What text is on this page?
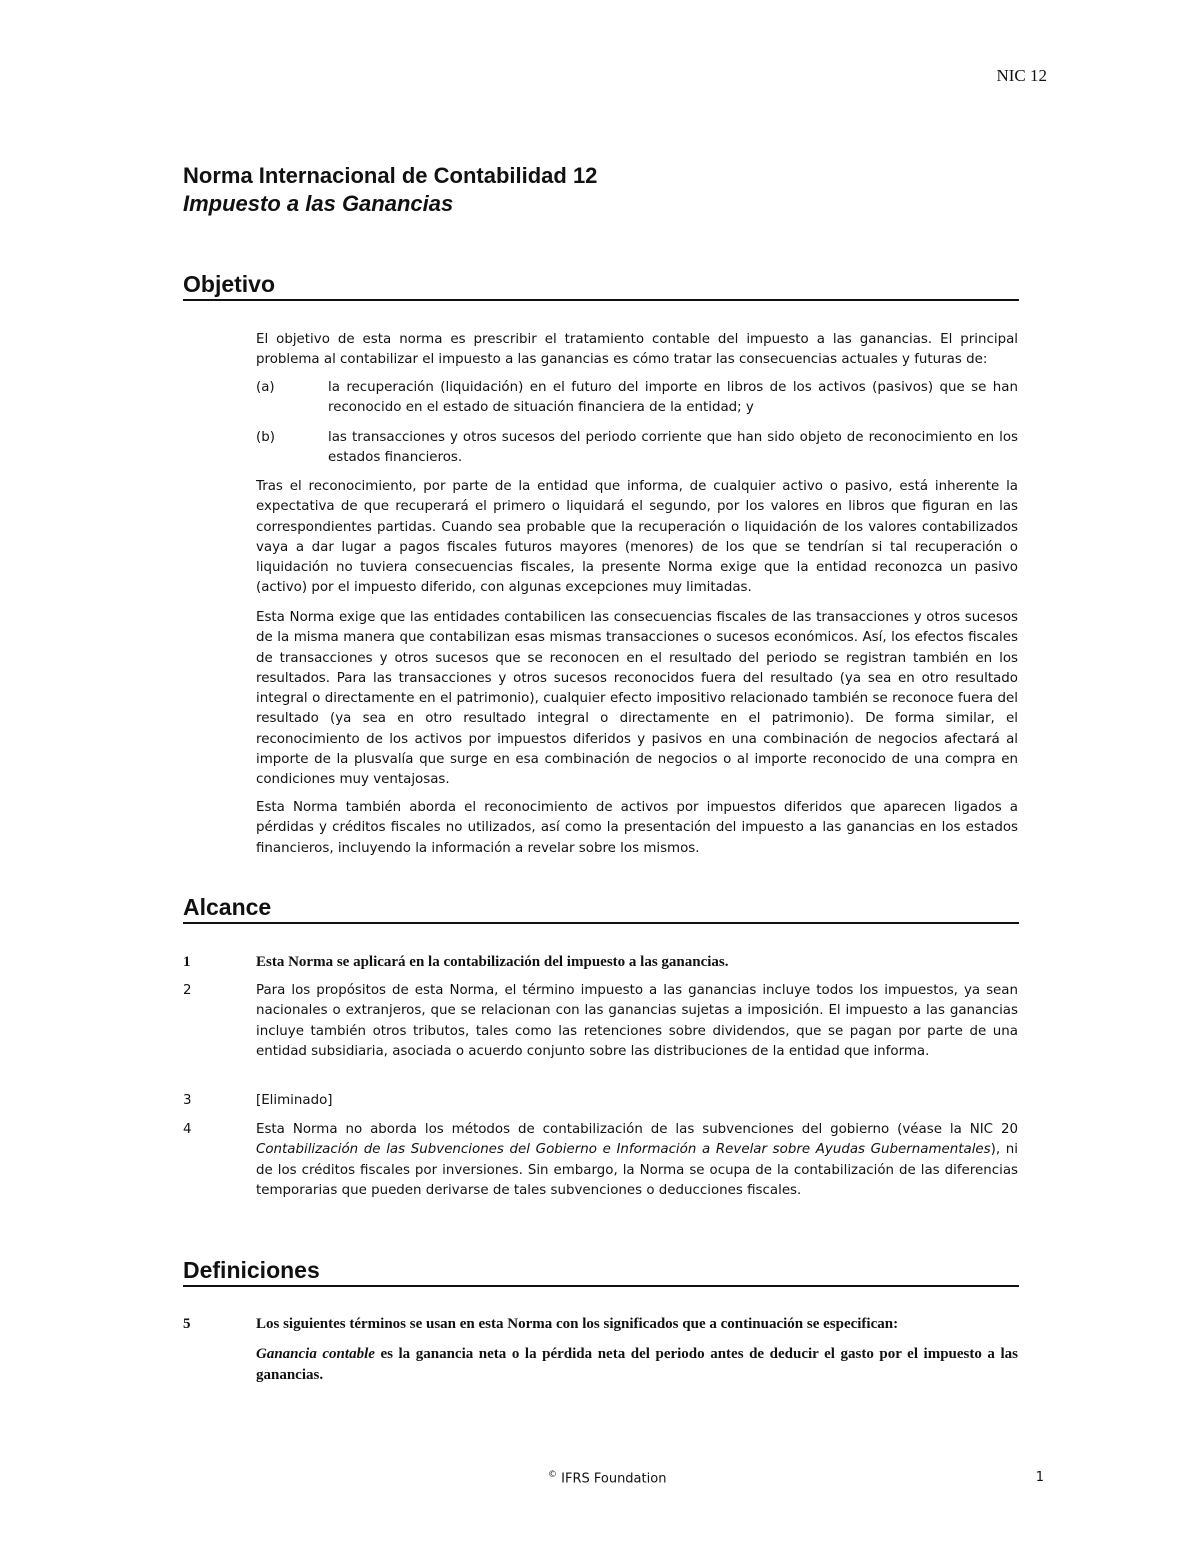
NIC 12
Norma Internacional de Contabilidad 12
Impuesto a las Ganancias
Objetivo

El objetivo de esta norma es prescribir el tratamiento contable del impuesto a las ganancias. El principal problema al contabilizar el impuesto a las ganancias es cómo tratar las consecuencias actuales y futuras de:

(a)	la recuperación (liquidación) en el futuro del importe en libros de los activos (pasivos) que se han reconocido en el estado de situación financiera de la entidad; y
(b)	las transacciones y otros sucesos del periodo corriente que han sido objeto de reconocimiento en los estados financieros.

Tras el reconocimiento, por parte de la entidad que informa, de cualquier activo o pasivo, está inherente la expectativa de que recuperará el primero o liquidará el segundo, por los valores en libros que figuran en las correspondientes partidas. Cuando sea probable que la recuperación o liquidación de los valores contabilizados vaya a dar lugar a pagos fiscales futuros mayores (menores) de los que se tendrían si tal recuperación o liquidación no tuviera consecuencias fiscales, la presente Norma exige que la entidad reconozca un pasivo (activo) por el impuesto diferido, con algunas excepciones muy limitadas.

Esta Norma exige que las entidades contabilicen las consecuencias fiscales de las transacciones y otros sucesos de la misma manera que contabilizan esas mismas transacciones o sucesos económicos. Así, los efectos fiscales de transacciones y otros sucesos que se reconocen en el resultado del periodo se registran también en los resultados. Para las transacciones y otros sucesos reconocidos fuera del resultado (ya sea en otro resultado integral o directamente en el patrimonio), cualquier efecto impositivo relacionado también se reconoce fuera del resultado (ya sea en otro resultado integral o directamente en el patrimonio). De forma similar, el reconocimiento de los activos por impuestos diferidos y pasivos en una combinación de negocios afectará al importe de la plusvalía que surge en esa combinación de negocios o al importe reconocido de una compra en condiciones muy ventajosas.

Esta Norma también aborda el reconocimiento de activos por impuestos diferidos que aparecen ligados a pérdidas y créditos fiscales no utilizados, así como la presentación del impuesto a las ganancias en los estados financieros, incluyendo la información a revelar sobre los mismos.

Alcance
1	Esta Norma se aplicará en la contabilización del impuesto a las ganancias.
2	Para los propósitos de esta Norma, el término impuesto a las ganancias incluye todos los impuestos, ya sean nacionales o extranjeros, que se relacionan con las ganancias sujetas a imposición. El impuesto a las ganancias incluye también otros tributos, tales como las retenciones sobre dividendos, que se pagan por parte de una entidad subsidiaria, asociada o acuerdo conjunto sobre las distribuciones de la entidad que informa.
3	[Eliminado]
4	Esta Norma no aborda los métodos de contabilización de las subvenciones del gobierno (véase la NIC 20 Contabilización de las Subvenciones del Gobierno e Información a Revelar sobre Ayudas Gubernamentales), ni de los créditos fiscales por inversiones. Sin embargo, la Norma se ocupa de la contabilización de las diferencias temporarias que pueden derivarse de tales subvenciones o deducciones fiscales.
Definiciones
5	Los siguientes términos se usan en esta Norma con los significados que a continuación se especifican:
Ganancia contable es la ganancia neta o la pérdida neta del periodo antes de deducir el gasto por el impuesto a las ganancias.
© IFRS Foundation	1
